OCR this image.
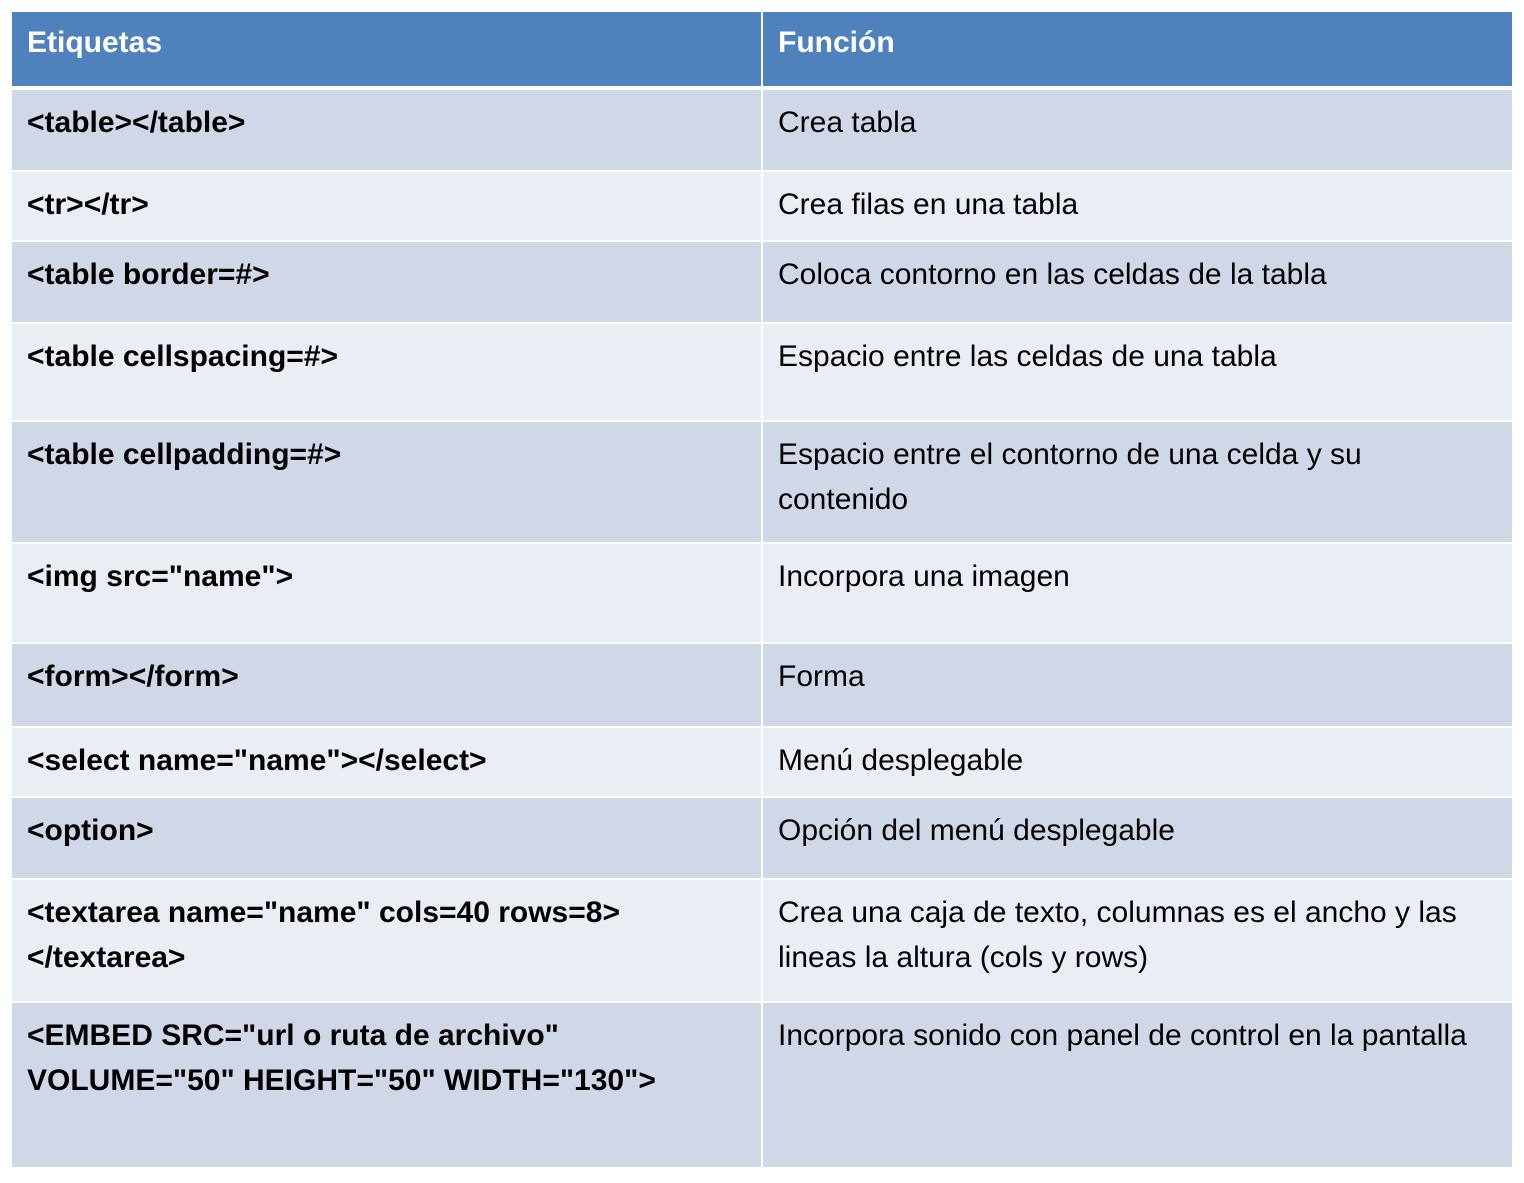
Etiquetas	Función
<table></table>	Crea tabla
<tr></tr>	Crea filas en una tabla
<table border=#>	Coloca contorno en las celdas de la tabla
<table cellspacing=#>	Espacio entre las celdas de una tabla
<table cellpadding=#>	Espacio entre el contorno de una celda y su contenido
<img src="name">	Incorpora una imagen
<form></form>	Forma
<select name="name"></select>	Menú desplegable
<option>	Opción del menú desplegable
<textarea name="name" cols=40 rows=8></textarea>	Crea una caja de texto, columnas es el ancho y las lineas la altura (cols y rows)
<EMBED SRC="url o ruta de archivo" VOLUME="50" HEIGHT="50" WIDTH="130">	Incorpora sonido con panel de control en la pantalla
